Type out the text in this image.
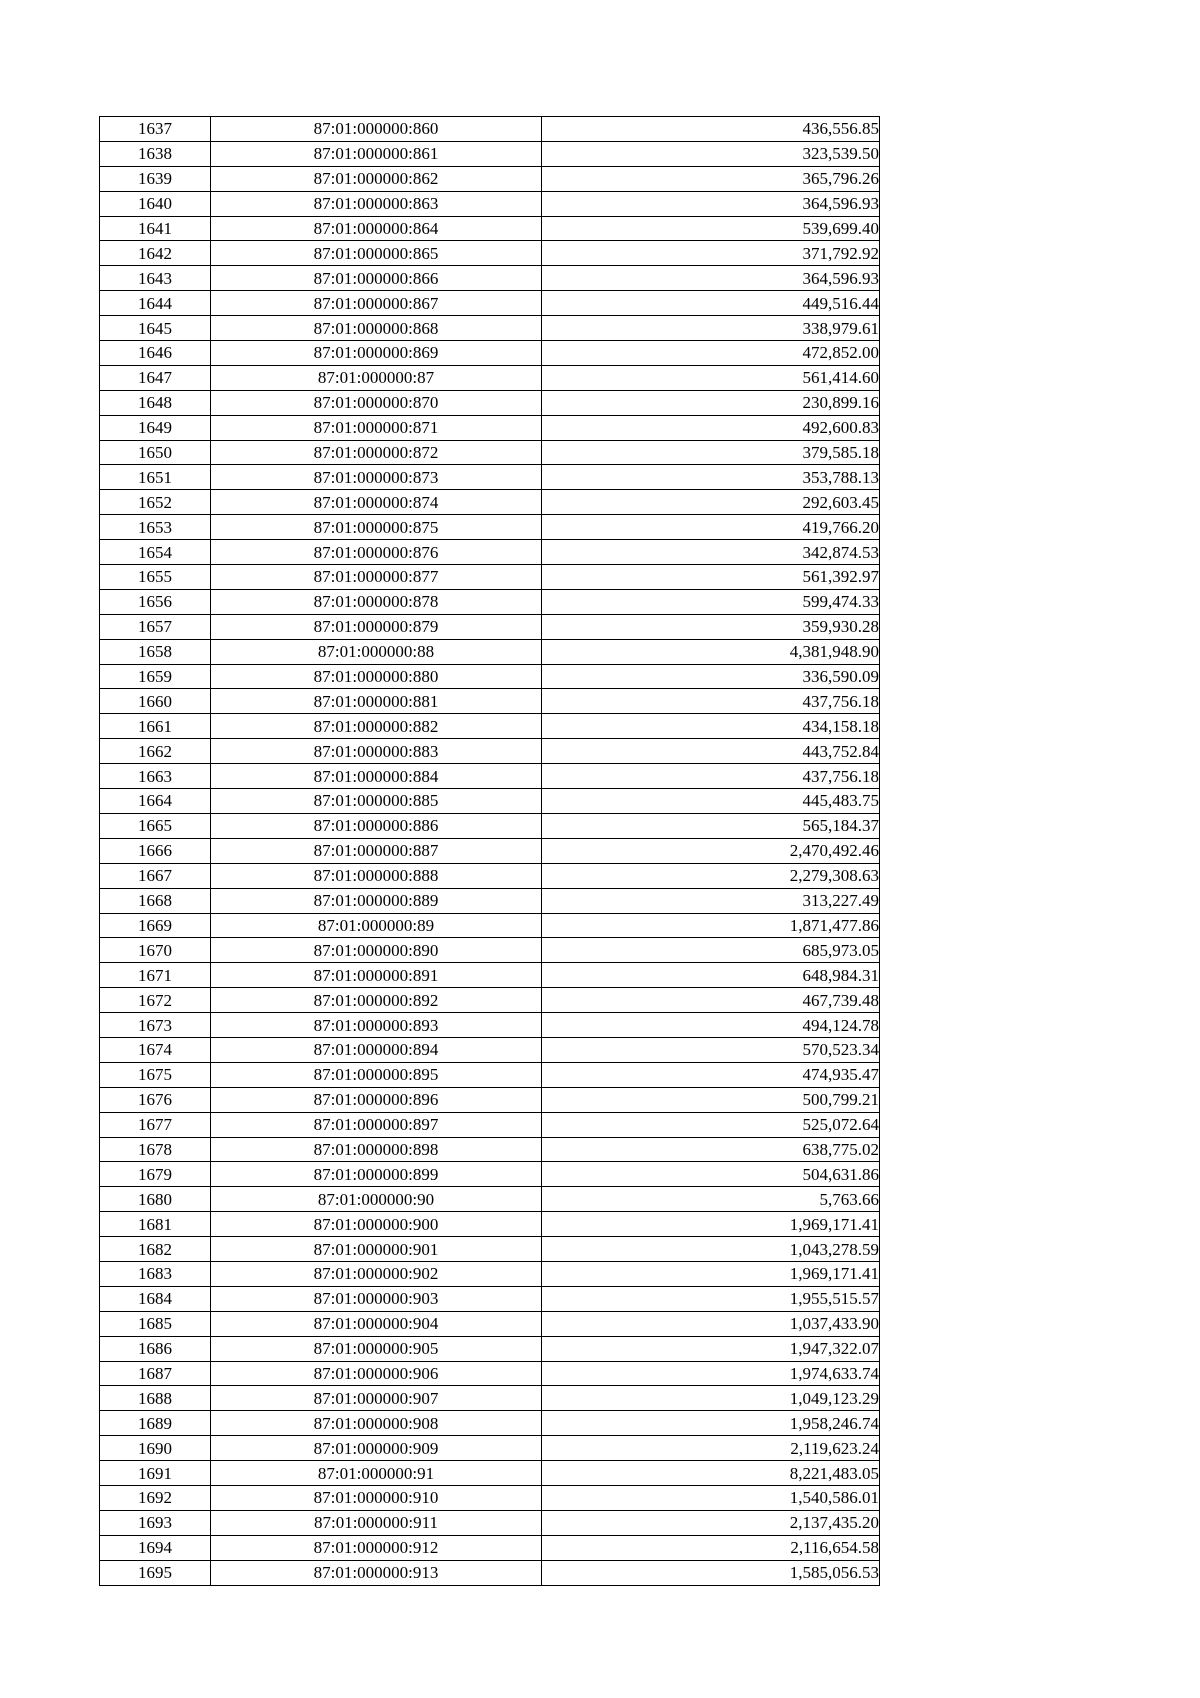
1637	87:01:000000:860	436,556.85
1638	87:01:000000:861	323,539.50
1639	87:01:000000:862	365,796.26
1640	87:01:000000:863	364,596.93
1641	87:01:000000:864	539,699.40
1642	87:01:000000:865	371,792.92
1643	87:01:000000:866	364,596.93
1644	87:01:000000:867	449,516.44
1645	87:01:000000:868	338,979.61
1646	87:01:000000:869	472,852.00
1647	87:01:000000:87	561,414.60
1648	87:01:000000:870	230,899.16
1649	87:01:000000:871	492,600.83
1650	87:01:000000:872	379,585.18
1651	87:01:000000:873	353,788.13
1652	87:01:000000:874	292,603.45
1653	87:01:000000:875	419,766.20
1654	87:01:000000:876	342,874.53
1655	87:01:000000:877	561,392.97
1656	87:01:000000:878	599,474.33
1657	87:01:000000:879	359,930.28
1658	87:01:000000:88	4,381,948.90
1659	87:01:000000:880	336,590.09
1660	87:01:000000:881	437,756.18
1661	87:01:000000:882	434,158.18
1662	87:01:000000:883	443,752.84
1663	87:01:000000:884	437,756.18
1664	87:01:000000:885	445,483.75
1665	87:01:000000:886	565,184.37
1666	87:01:000000:887	2,470,492.46
1667	87:01:000000:888	2,279,308.63
1668	87:01:000000:889	313,227.49
1669	87:01:000000:89	1,871,477.86
1670	87:01:000000:890	685,973.05
1671	87:01:000000:891	648,984.31
1672	87:01:000000:892	467,739.48
1673	87:01:000000:893	494,124.78
1674	87:01:000000:894	570,523.34
1675	87:01:000000:895	474,935.47
1676	87:01:000000:896	500,799.21
1677	87:01:000000:897	525,072.64
1678	87:01:000000:898	638,775.02
1679	87:01:000000:899	504,631.86
1680	87:01:000000:90	5,763.66
1681	87:01:000000:900	1,969,171.41
1682	87:01:000000:901	1,043,278.59
1683	87:01:000000:902	1,969,171.41
1684	87:01:000000:903	1,955,515.57
1685	87:01:000000:904	1,037,433.90
1686	87:01:000000:905	1,947,322.07
1687	87:01:000000:906	1,974,633.74
1688	87:01:000000:907	1,049,123.29
1689	87:01:000000:908	1,958,246.74
1690	87:01:000000:909	2,119,623.24
1691	87:01:000000:91	8,221,483.05
1692	87:01:000000:910	1,540,586.01
1693	87:01:000000:911	2,137,435.20
1694	87:01:000000:912	2,116,654.58
1695	87:01:000000:913	1,585,056.53
